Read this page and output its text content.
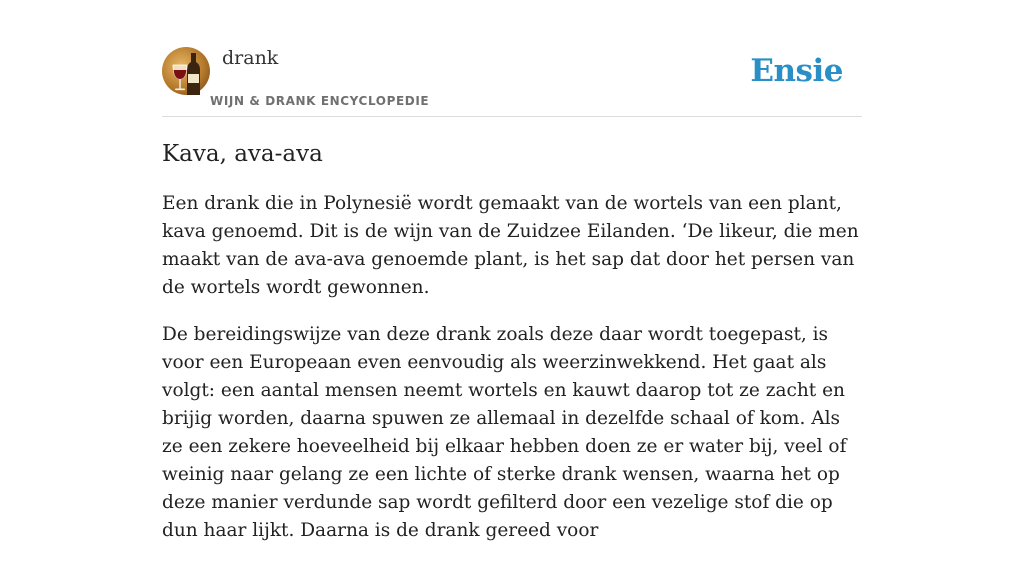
drank
WIJN & DRANK ENCYCLOPEDIE
Ensie
Kava, ava-ava

Een drank die in Polynesië wordt gemaakt van de wortels van een plant, kava genoemd. Dit is de wijn van de Zuidzee Eilanden. ‘De likeur, die men maakt van de ava-ava genoemde plant, is het sap dat door het persen van de wortels wordt gewonnen.

De bereidingswijze van deze drank zoals deze daar wordt toegepast, is voor een Europeaan even eenvoudig als weerzinwekkend. Het gaat als volgt: een aantal mensen neemt wortels en kauwt daarop tot ze zacht en brijig worden, daarna spuwen ze allemaal in dezelfde schaal of kom. Als ze een zekere hoeveelheid bij elkaar hebben doen ze er water bij, veel of weinig naar gelang ze een lichte of sterke drank wensen, waarna het op deze manier verdunde sap wordt gefilterd door een vezelige stof die op dun haar lijkt. Daarna is de drank gereed voor
